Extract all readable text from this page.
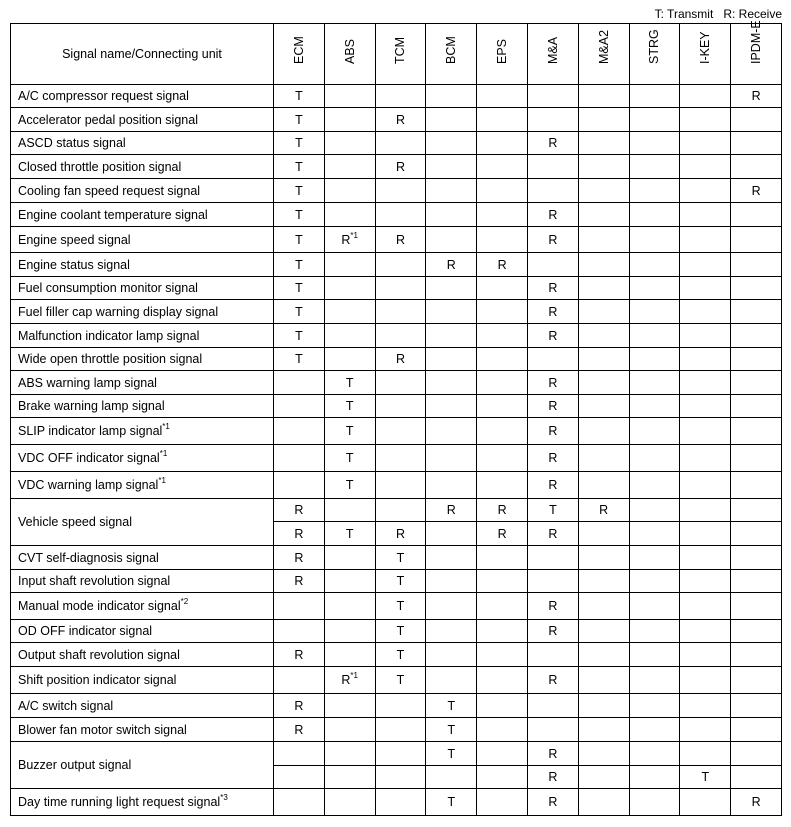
T: Transmit R: Receive
Signal name/Connecting unit	ECM	ABS	TCM	BCM	EPS	M&A	M&A2	STRG	I-KEY	IPDM-E

A/C compressor request signal	T									R
Accelerator pedal position signal	T		R							
ASCD status signal	T					R				
Closed throttle position signal	T		R							
Cooling fan speed request signal	T									R
Engine coolant temperature signal	T					R				
Engine speed signal	T	$R^{*1}$	R			R				
Engine status signal	T			R	R					
Fuel consumption monitor signal	T					R				
Fuel filler cap warning display signal	T					R				
Malfunction indicator lamp signal	T					R				
Wide open throttle position signal	T		R							
ABS warning lamp signal		T				R				
Brake warning lamp signal		T				R				
SLIP indicator lamp signal$^{*1}$		T				R				
VDC OFF indicator signal$^{*1}$		T				R				
VDC warning lamp signal$^{*1}$		T				R				
Vehicle speed signal	R			R	R	T	R			
	R	T	R		R	R				
CVT self-diagnosis signal	R		T							
Input shaft revolution signal	R		T							
Manual mode indicator signal$^{*2}$			T			R				
OD OFF indicator signal			T			R				
Output shaft revolution signal	R		T							
Shift position indicator signal		$R^{*1}$	T			R				
A/C switch signal	R			T						
Blower fan motor switch signal	R			T						
Buzzer output signal				T		R				
						R			T	
Day time running light request signal$^{*3}$				T		R				R
